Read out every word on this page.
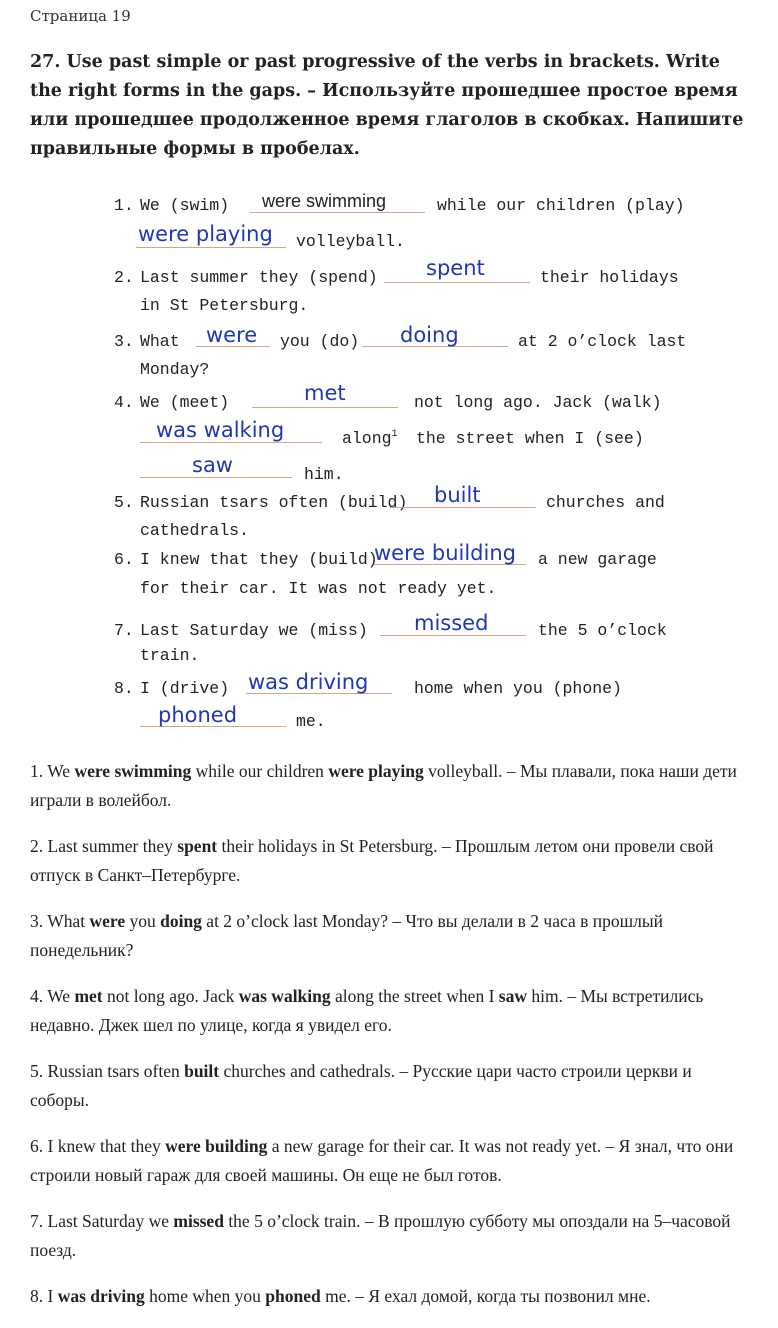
Страница 19
27. Use past simple or past progressive of the verbs in brackets. Write the right forms in the gaps. – Используйте прошедшее простое время или прошедшее продолженное время глаголов в скобках. Напишите правильные формы в пробелах.
1. We (swim) were swimming	while our children (play)
were playing volleyball.
2. Last summer they (spend) spent	their holidays
in St Petersburg.
3. What were you (do) doing	at 2 o’clock last
Monday?
4. We (meet)	met	not long ago. Jack (walk)
was walking	along$^1$ the street when I (see)
saw	him.
5. Russian tsars often (build) built	churches and
cathedrals.
6. I knew that they (build)
were building a new garage
for their car. It was not ready yet.
7. Last Saturday we (miss) missed	the 5 o’clock
train.
8. I (drive) was driving	home when you (phone)
phoned	me.

1. We were swimming while our children were playing volleyball. – Мы плавали, пока наши дети играли в волейбол.

2. Last summer they spent their holidays in St Petersburg. – Прошлым летом они провели свой отпуск в Санкт–Петербурге.

3. What were you doing at 2 o’clock last Monday? – Что вы делали в 2 часа в прошлый понедельник?

4. We met not long ago. Jack was walking along the street when I saw him. – Мы встретились недавно. Джек шел по улице, когда я увидел его.

5. Russian tsars often built churches and cathedrals. – Русские цари часто строили церкви и соборы.

6. I knew that they were building a new garage for their car. It was not ready yet. – Я знал, что они строили новый гараж для своей машины. Он еще не был готов.

7. Last Saturday we missed the 5 o’clock train. – В прошлую субботу мы опоздали на 5–часовой поезд.

8. I was driving home when you phoned me. – Я ехал домой, когда ты позвонил мне.
